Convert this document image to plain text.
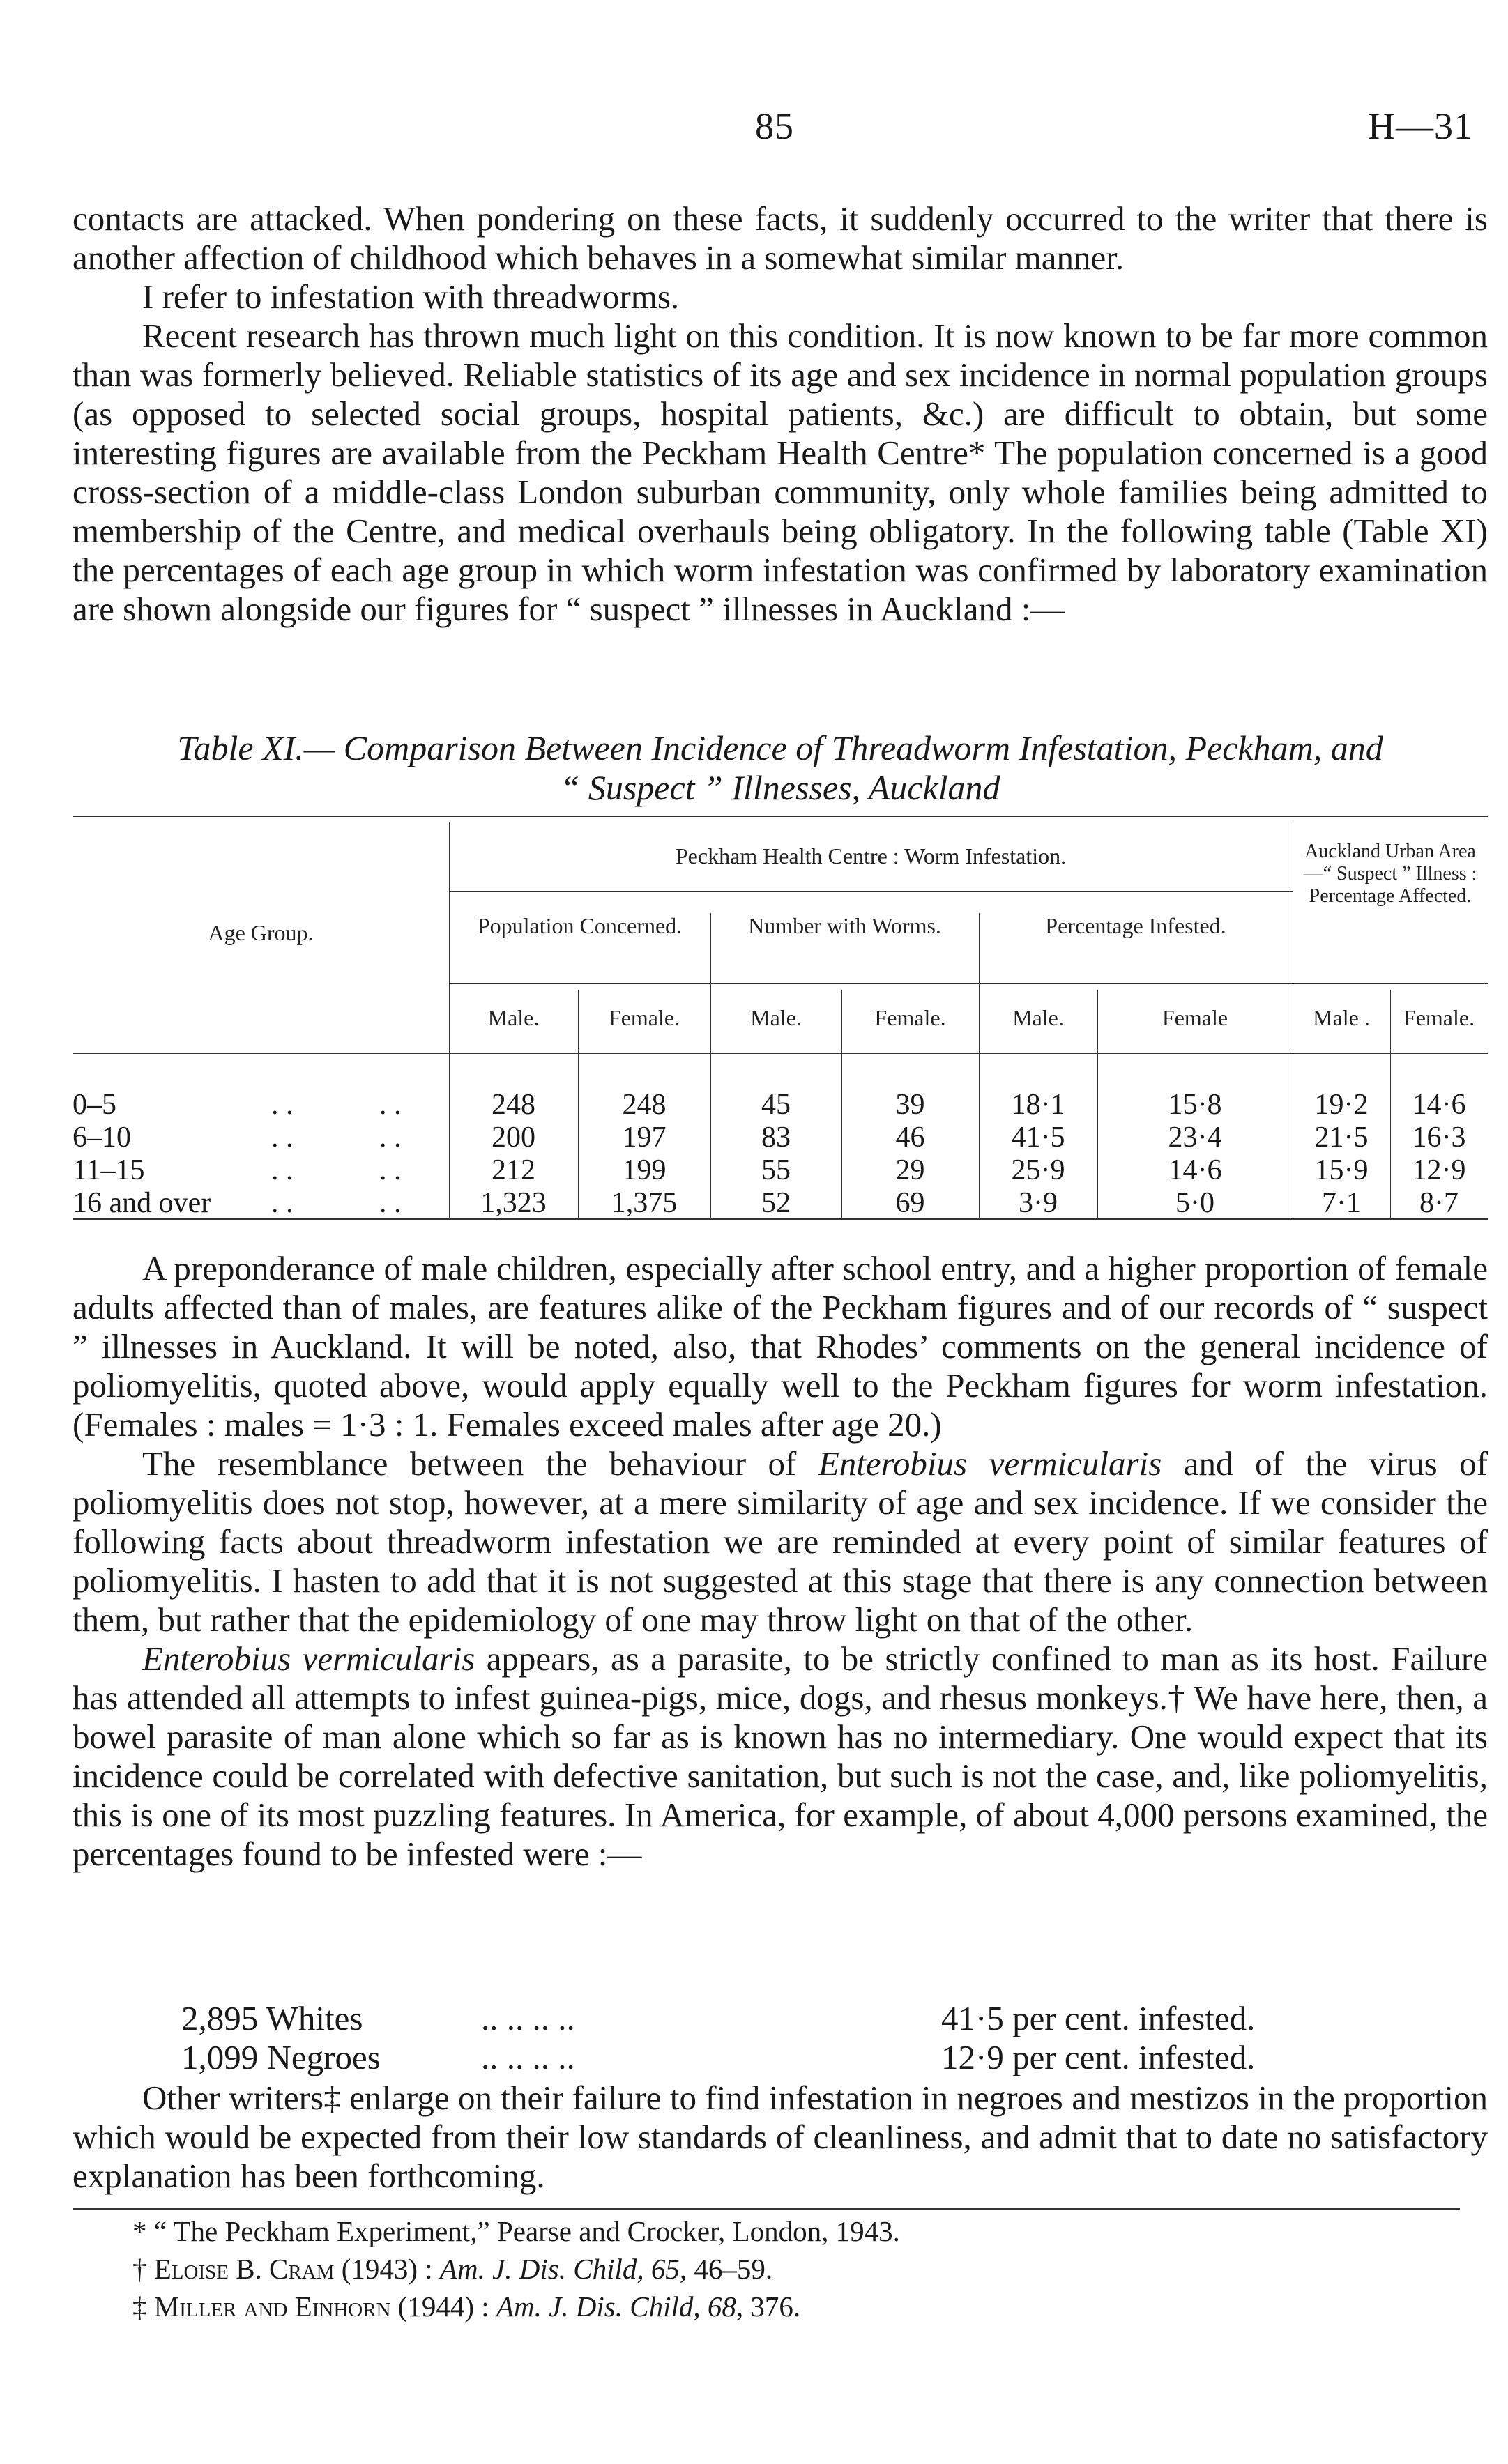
85	H—31

contacts are attacked. When pondering on these facts, it suddenly occurred to the writer that there is another affection of childhood which behaves in a somewhat similar manner.

I refer to infestation with threadworms.

Recent research has thrown much light on this condition. It is now known to be far more common than was formerly believed. Reliable statistics of its age and sex incidence in normal population groups (as opposed to selected social groups, hospital patients, &c.) are difficult to obtain, but some interesting figures are available from the Peckham Health Centre* The population concerned is a good cross-section of a middle-class London suburban community, only whole families being admitted to membership of the Centre, and medical overhauls being obligatory. In the following table (Table XI) the percentages of each age group in which worm infestation was confirmed by laboratory examination are shown alongside our figures for “ suspect ” illnesses in Auckland :—

Table XI.— Comparison Between Incidence of Threadworm Infestation, Peckham, and
“ Suspect ” Illnesses, Auckland
Age Group.
Peckham Health Centre : Worm Infestation.	Auckland Urban Area—“ Suspect ” Illness : Percentage Affected.
Population Concerned.	Number with Worms.	Percentage Infested.
Male.	Female.	Male.	Female.	Male.	Female	Male .	Female.
0–5	. .	. .	248	248	45	39	18·1	15·8	19·2	14·6
6–10	. .	. .	200	197	83	46	41·5	23·4	21·5	16·3
11–15	. .	. .	212	199	55	29	25·9	14·6	15·9	12·9
16 and over	. .	. .	1,323	1,375	52	69	3·9	5·0	7·1	8·7

A preponderance of male children, especially after school entry, and a higher proportion of female adults affected than of males, are features alike of the Peckham figures and of our records of “ suspect ” illnesses in Auckland. It will be noted, also, that Rhodes’ comments on the general incidence of poliomyelitis, quoted above, would apply equally well to the Peckham figures for worm infestation. (Females : males = 1·3 : 1. Females exceed males after age 20.)

The resemblance between the behaviour of Enterobius vermicularis and of the virus of poliomyelitis does not stop, however, at a mere similarity of age and sex incidence. If we consider the following facts about threadworm infestation we are reminded at every point of similar features of poliomyelitis. I hasten to add that it is not suggested at this stage that there is any connection between them, but rather that the epidemiology of one may throw light on that of the other.

Enterobius vermicularis appears, as a parasite, to be strictly confined to man as its host. Failure has attended all attempts to infest guinea-pigs, mice, dogs, and rhesus monkeys.† We have here, then, a bowel parasite of man alone which so far as is known has no intermediary. One would expect that its incidence could be correlated with defective sanitation, but such is not the case, and, like poliomyelitis, this is one of its most puzzling features. In America, for example, of about 4,000 persons examined, the percentages found to be infested were :—

2,895 Whites	.. .. .. ..	41·5 per cent. infested.
1,099 Negroes	.. .. .. ..	12·9 per cent. infested.

Other writers‡ enlarge on their failure to find infestation in negroes and mestizos in the proportion which would be expected from their low standards of cleanliness, and admit that to date no satisfactory explanation has been forthcoming.

* “ The Peckham Experiment,” Pearse and Crocker, London, 1943.
† Eloise B. Cram (1943) : Am. J. Dis. Child, 65, 46–59.
‡ Miller and Einhorn (1944) : Am. J. Dis. Child, 68, 376.
